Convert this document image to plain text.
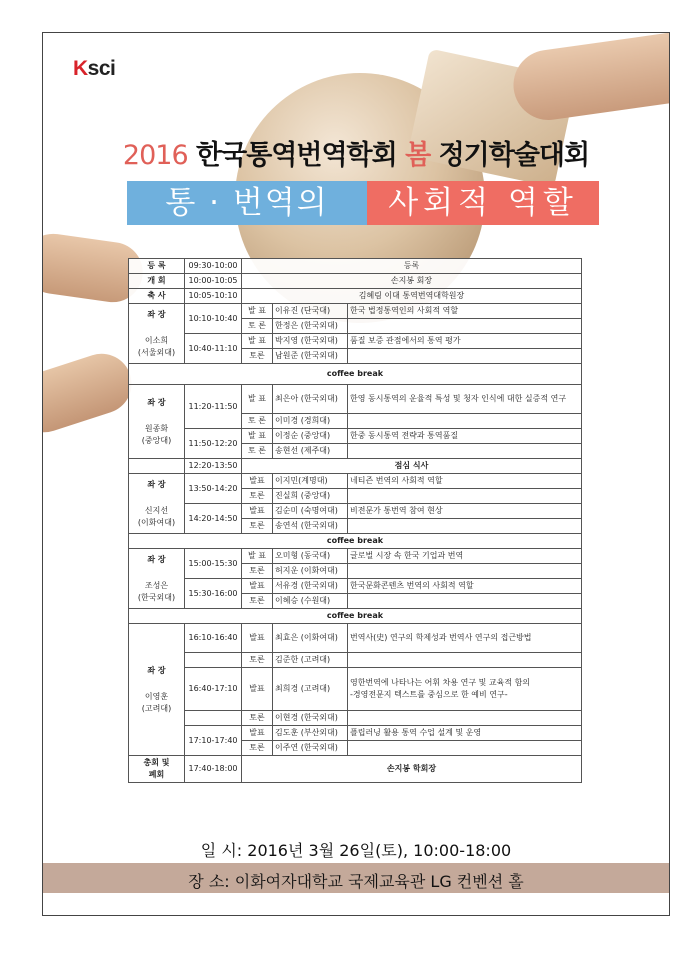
Ksci
2016 한국통역번역학회 봄 정기학술대회
통 · 번역의	사회적 역할
등 록	09:30-10:00	등록		
개 회	10:00-10:05	손지봉 회장		
축 사	10:05-10:10	김혜림 이대 통역번역대학원장		

좌 장
이소희
(서울외대)	10:10-10:40	발 표	이유진 (단국대)	한국 법정통역인의 사회적 역할
		토 론	한정은 (한국외대)	
	10:40-11:10	발 표	박지영 (한국외대)	품질 보증 관점에서의 통역 평가
		토론	남원준 (한국외대)	
coffee break				

좌 장
원종화
(중앙대)	11:20-11:50	발 표	최은아 (한국외대)	한영 동시통역의 운율적 특성 및 청자 인식에 대한 실증적 연구
		토 론	이미경 (경희대)	
	11:50-12:20	발 표	이정순 (중앙대)	한중 동시통역 전략과 통역품질
		토 론	송현선 (제주대)	
	12:20-13:50	점심 식사		

좌 장
신지선
(이화여대)	13:50-14:20	발표	이지민(계명대)	네티즌 번역의 사회적 역할
		토론	진실희 (중앙대)	
	14:20-14:50	발표	김순미 (숙명여대)	비전문가 통번역 참여 현상
		토론	송연석 (한국외대)	
coffee break				

좌 장
조성은
(한국외대)	15:00-15:30	발 표	오미형 (동국대)	글로벌 시장 속 한국 기업과 번역
		토론	허지운 (이화여대)	
	15:30-16:00	발표	서유경 (한국외대)	한국문화콘텐츠 번역의 사회적 역할
		토론	이혜승 (수원대)	
coffee break				

좌 장
이영훈
(고려대)	16:10-16:40	발표	최효은 (이화여대)	번역사(史) 연구의 학제성과 번역사 연구의 접근방법
		토론	김준한 (고려대)	
	16:40-17:10	발표	최희경 (고려대)	영한번역에 나타나는 어휘 차용 연구 및 교육적 함의
-경영전문지 텍스트를 중심으로 한 예비 연구-
		토론	이현경 (한국외대)	
	17:10-17:40	발표	김도훈 (부산외대)	플립러닝 활용 통역 수업 설계 및 운영
		토론	이주연 (한국외대)	
총회 및
폐회	17:40-18:00	손지봉 학회장		
일 시: 2016년 3월 26일(토), 10:00-18:00
장 소: 이화여자대학교 국제교육관 LG 컨벤션 홀
